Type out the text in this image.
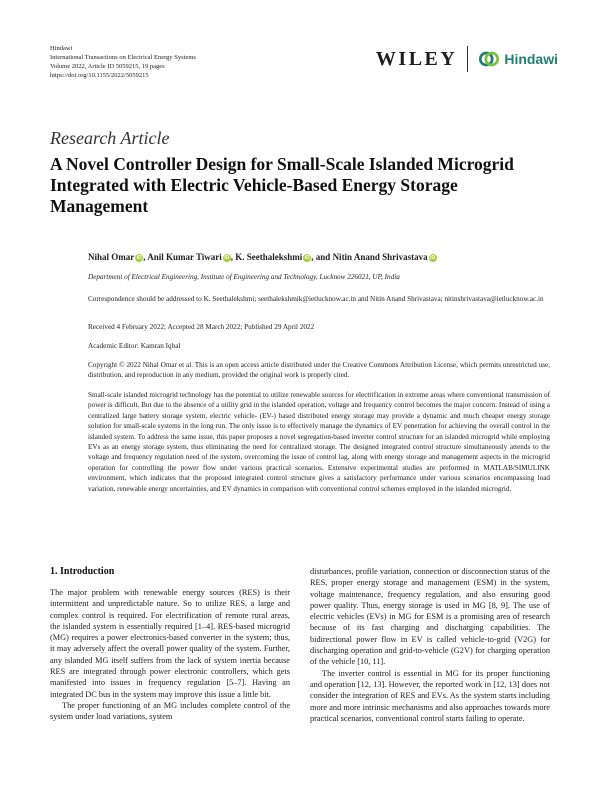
Hindawi
International Transactions on Electrical Energy Systems
Volume 2022, Article ID 5059215, 19 pages
https://doi.org/10.1155/2022/5059215
WILEY	Hindawi
Research Article
A Novel Controller Design for Small-Scale Islanded Microgrid Integrated with Electric Vehicle-Based Energy Storage Management
Nihal Omar iD , Anil Kumar Tiwari iD , K. Seethalekshmi iD , and Nitin Anand Shrivastava iD
Department of Electrical Engineering, Institute of Engineering and Technology, Lucknow 226021, UP, India
Correspondence should be addressed to K. Seethalekshmi; seethalekshmik@ietlucknow.ac.in and Nitin Anand Shrivastava; nitinshrivastava@ietlucknow.ac.in
Received 4 February 2022; Accepted 28 March 2022; Published 29 April 2022
Academic Editor: Kamran Iqbal
Copyright © 2022 Nihal Omar et al. This is an open access article distributed under the Creative Commons Attribution License, which permits unrestricted use, distribution, and reproduction in any medium, provided the original work is properly cited.
Small-scale islanded microgrid technology has the potential to utilize renewable sources for electrification in extreme areas where conventional transmission of power is difficult. But due to the absence of a utility grid in the islanded operation, voltage and frequency control becomes the major concern. Instead of using a centralized large battery storage system, electric vehicle- (EV-) based distributed energy storage may provide a dynamic and much cheaper energy storage solution for small-scale systems in the long run. The only issue is to effectively manage the dynamics of EV penetration for achieving the overall control in the islanded system. To address the same issue, this paper proposes a novel segregation-based inverter control structure for an islanded microgrid while employing EVs as an energy storage system, thus eliminating the need for centralized storage. The designed integrated control structure simultaneously attends to the voltage and frequency regulation need of the system, overcoming the issue of control lag, along with energy storage and management aspects in the microgrid operation for controlling the power flow under various practical scenarios. Extensive experimental studies are performed in MATLAB/SIMULINK environment, which indicates that the proposed integrated control structure gives a satisfactory performance under various scenarios encompassing load variation, renewable energy uncertainties, and EV dynamics in comparison with conventional control schemes employed in the islanded microgrid.
1. Introduction

The major problem with renewable energy sources (RES) is their intermittent and unpredictable nature. So to utilize RES, a large and complex control is required. For electrification of remote rural areas, the islanded system is essentially required [1–4]. RES-based microgrid (MG) requires a power electronics-based converter in the system; thus, it may adversely affect the overall power quality of the system. Further, any islanded MG itself suffers from the lack of system inertia because RES are integrated through power electronic controllers, which gets manifested into issues in frequency regulation [5–7]. Having an integrated DC bus in the system may improve this issue a little bit.

The proper functioning of an MG includes complete control of the system under load variations, system

disturbances, profile variation, connection or disconnection status of the RES, proper energy storage and management (ESM) in the system, voltage maintenance, frequency regulation, and also ensuring good power quality. Thus, energy storage is used in MG [8, 9]. The use of electric vehicles (EVs) in MG for ESM is a promising area of research because of its fast charging and discharging capabilities. The bidirectional power flow in EV is called vehicle-to-grid (V2G) for discharging operation and grid-to-vehicle (G2V) for charging operation of the vehicle [10, 11].

The inverter control is essential in MG for its proper functioning and operation [12, 13]. However, the reported work in [12, 13] does not consider the integration of RES and EVs. As the system starts including more and more intrinsic mechanisms and also approaches towards more practical scenarios, conventional control starts failing to operate.
